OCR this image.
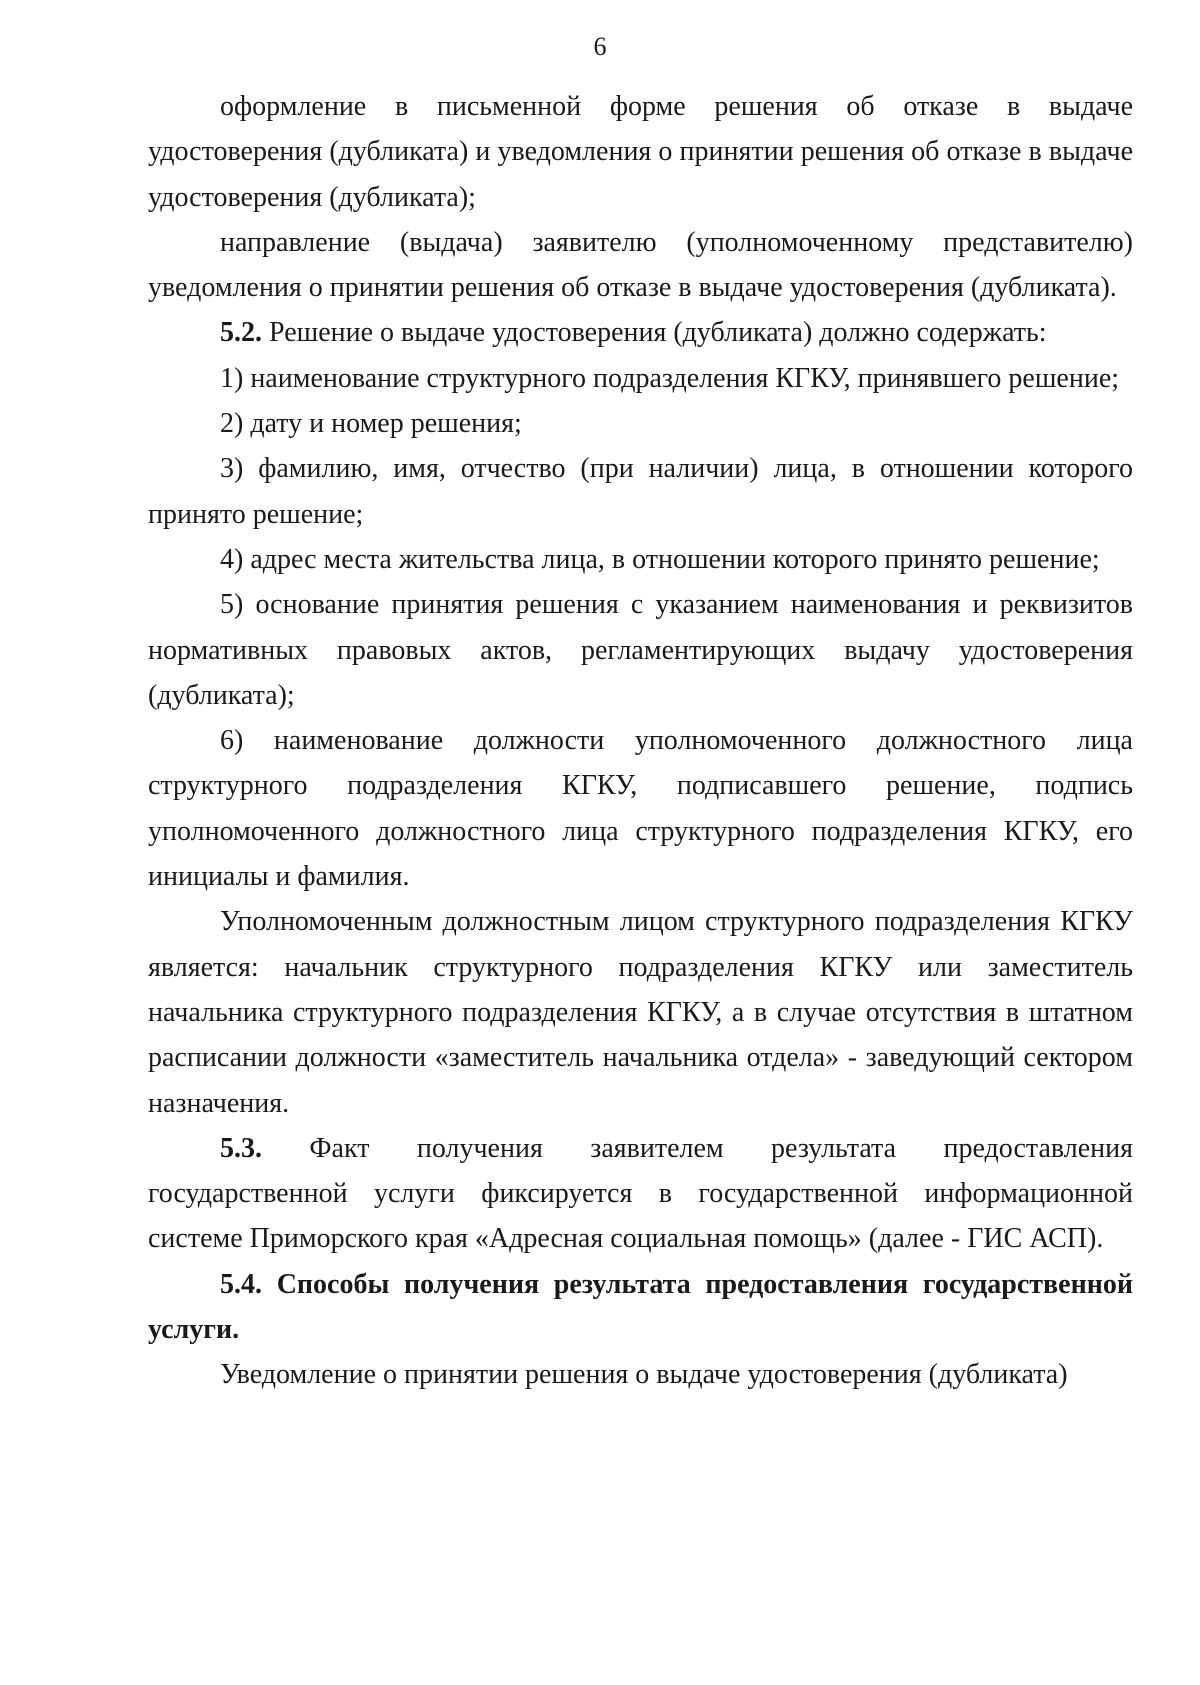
6

оформление в письменной форме решения об отказе в выдаче удостоверения (дубликата) и уведомления о принятии решения об отказе в выдаче удостоверения (дубликата);

направление (выдача) заявителю (уполномоченному представителю) уведомления о принятии решения об отказе в выдаче удостоверения (дубликата).

5.2. Решение о выдаче удостоверения (дубликата) должно содержать:

1) наименование структурного подразделения КГКУ, принявшего решение;

2) дату и номер решения;

3) фамилию, имя, отчество (при наличии) лица, в отношении которого принято решение;

4) адрес места жительства лица, в отношении которого принято решение;

5) основание принятия решения с указанием наименования и реквизитов нормативных правовых актов, регламентирующих выдачу удостоверения (дубликата);

6) наименование должности уполномоченного должностного лица структурного подразделения КГКУ, подписавшего решение, подпись уполномоченного должностного лица структурного подразделения КГКУ, его инициалы и фамилия.

Уполномоченным должностным лицом структурного подразделения КГКУ является: начальник структурного подразделения КГКУ или заместитель начальника структурного подразделения КГКУ, а в случае отсутствия в штатном расписании должности «заместитель начальника отдела» - заведующий сектором назначения.

5.3. Факт получения заявителем результата предоставления государственной услуги фиксируется в государственной информационной системе Приморского края «Адресная социальная помощь» (далее - ГИС АСП).

5.4. Способы получения результата предоставления государственной услуги.

Уведомление о принятии решения о выдаче удостоверения (дубликата)
